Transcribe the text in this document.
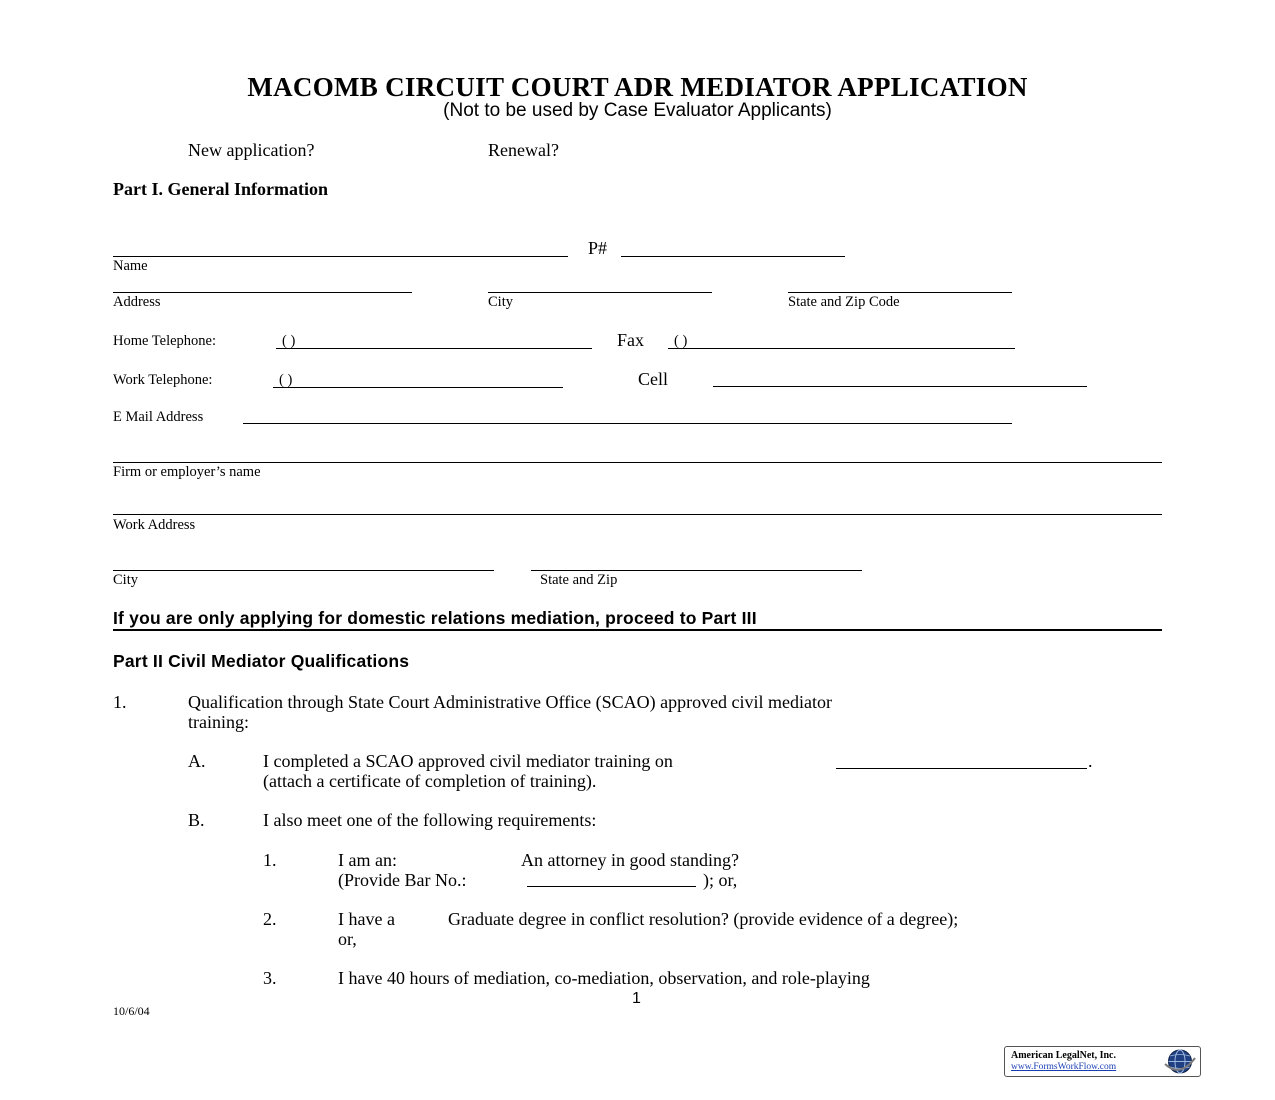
MACOMB CIRCUIT COURT ADR MEDIATOR APPLICATION
(Not to be used by Case Evaluator Applicants)
New application?	Renewal?
Part I. General Information
P#
Name
Address	City	State and Zip Code
Home Telephone:	( )	Fax ( )
Work Telephone:	( )	Cell
E Mail Address
Firm or employer’s name
Work Address
City	State and Zip
If you are only applying for domestic relations mediation, proceed to Part III
Part II Civil Mediator Qualifications
1.	Qualification through State Court Administrative Office (SCAO) approved civil mediator
training:
A.	I completed a SCAO approved civil mediator training on	.
(attach a certificate of completion of training).
B.	I also meet one of the following requirements:
1.	I am an:	An attorney in good standing?
(Provide Bar No.:	); or,
2.	I have a	Graduate degree in conflict resolution? (provide evidence of a degree);
or,
3.	I have 40 hours of mediation, co-mediation, observation, and role-playing
1
10/6/04
American LegalNet, Inc.
www.FormsWorkFlow.com
